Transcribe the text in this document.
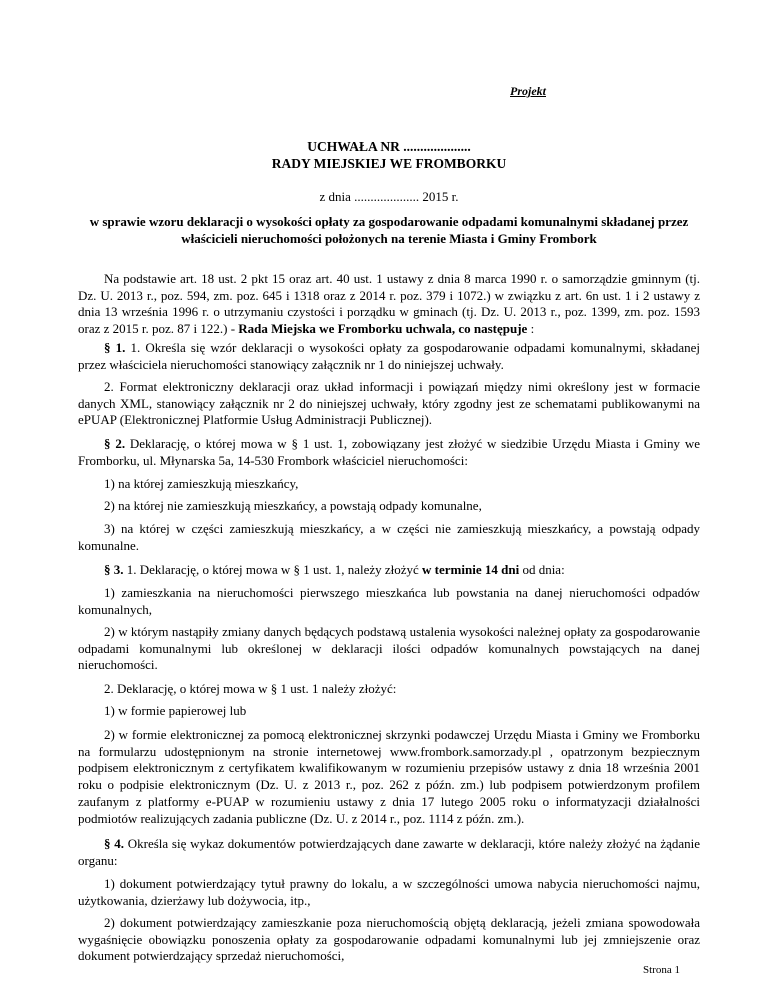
Projekt
UCHWAŁA NR ....................
RADY MIEJSKIEJ WE FROMBORKU
z dnia .................... 2015 r.
w sprawie wzoru deklaracji o wysokości opłaty za gospodarowanie odpadami komunalnymi składanej przez właścicieli nieruchomości położonych na terenie Miasta i Gminy Frombork

Na podstawie art. 18 ust. 2 pkt 15 oraz art. 40 ust. 1 ustawy z dnia 8 marca 1990 r. o samorządzie gminnym (tj. Dz. U. 2013 r., poz. 594, zm. poz. 645 i 1318 oraz z 2014 r. poz. 379 i 1072.) w związku z art. 6n ust. 1 i 2 ustawy z dnia 13 września 1996 r. o utrzymaniu czystości i porządku w gminach (tj. Dz. U. 2013 r., poz. 1399, zm. poz. 1593 oraz z 2015 r. poz. 87 i 122.) - Rada Miejska we Fromborku uchwala, co następuje :

§ 1. 1. Określa się wzór deklaracji o wysokości opłaty za gospodarowanie odpadami komunalnymi, składanej przez właściciela nieruchomości stanowiący załącznik nr 1 do niniejszej uchwały.

2. Format elektroniczny deklaracji oraz układ informacji i powiązań między nimi określony jest w formacie danych XML, stanowiący załącznik nr 2 do niniejszej uchwały, który zgodny jest ze schematami publikowanymi na ePUAP (Elektronicznej Platformie Usług Administracji Publicznej).

§ 2. Deklarację, o której mowa w § 1 ust. 1, zobowiązany jest złożyć w siedzibie Urzędu Miasta i Gminy we Fromborku, ul. Młynarska 5a, 14-530 Frombork właściciel nieruchomości:

1) na której zamieszkują mieszkańcy,

2) na której nie zamieszkują mieszkańcy, a powstają odpady komunalne,

3) na której w części zamieszkują mieszkańcy, a w części nie zamieszkują mieszkańcy, a powstają odpady komunalne.

§ 3. 1. Deklarację, o której mowa w § 1 ust. 1, należy złożyć w terminie 14 dni od dnia:

1) zamieszkania na nieruchomości pierwszego mieszkańca lub powstania na danej nieruchomości odpadów komunalnych,

2) w którym nastąpiły zmiany danych będących podstawą ustalenia wysokości należnej opłaty za gospodarowanie odpadami komunalnymi lub określonej w deklaracji ilości odpadów komunalnych powstających na danej nieruchomości.

2. Deklarację, o której mowa w § 1 ust. 1 należy złożyć:

1) w formie papierowej lub

2) w formie elektronicznej za pomocą elektronicznej skrzynki podawczej Urzędu Miasta i Gminy we Fromborku na formularzu udostępnionym na stronie internetowej www.frombork.samorzady.pl , opatrzonym bezpiecznym podpisem elektronicznym z certyfikatem kwalifikowanym w rozumieniu przepisów ustawy z dnia 18 września 2001 roku o podpisie elektronicznym (Dz. U. z 2013 r., poz. 262 z późn. zm.) lub podpisem potwierdzonym profilem zaufanym z platformy e-PUAP w rozumieniu ustawy z dnia 17 lutego 2005 roku o informatyzacji działalności podmiotów realizujących zadania publiczne (Dz. U. z 2014 r., poz. 1114 z późn. zm.).

§ 4. Określa się wykaz dokumentów potwierdzających dane zawarte w deklaracji, które należy złożyć na żądanie organu:

1) dokument potwierdzający tytuł prawny do lokalu, a w szczególności umowa nabycia nieruchomości najmu, użytkowania, dzierżawy lub dożywocia, itp.,

2) dokument potwierdzający zamieszkanie poza nieruchomością objętą deklaracją, jeżeli zmiana spowodowała wygaśnięcie obowiązku ponoszenia opłaty za gospodarowanie odpadami komunalnymi lub jej zmniejszenie oraz dokument potwierdzający sprzedaż nieruchomości,

Strona 1
